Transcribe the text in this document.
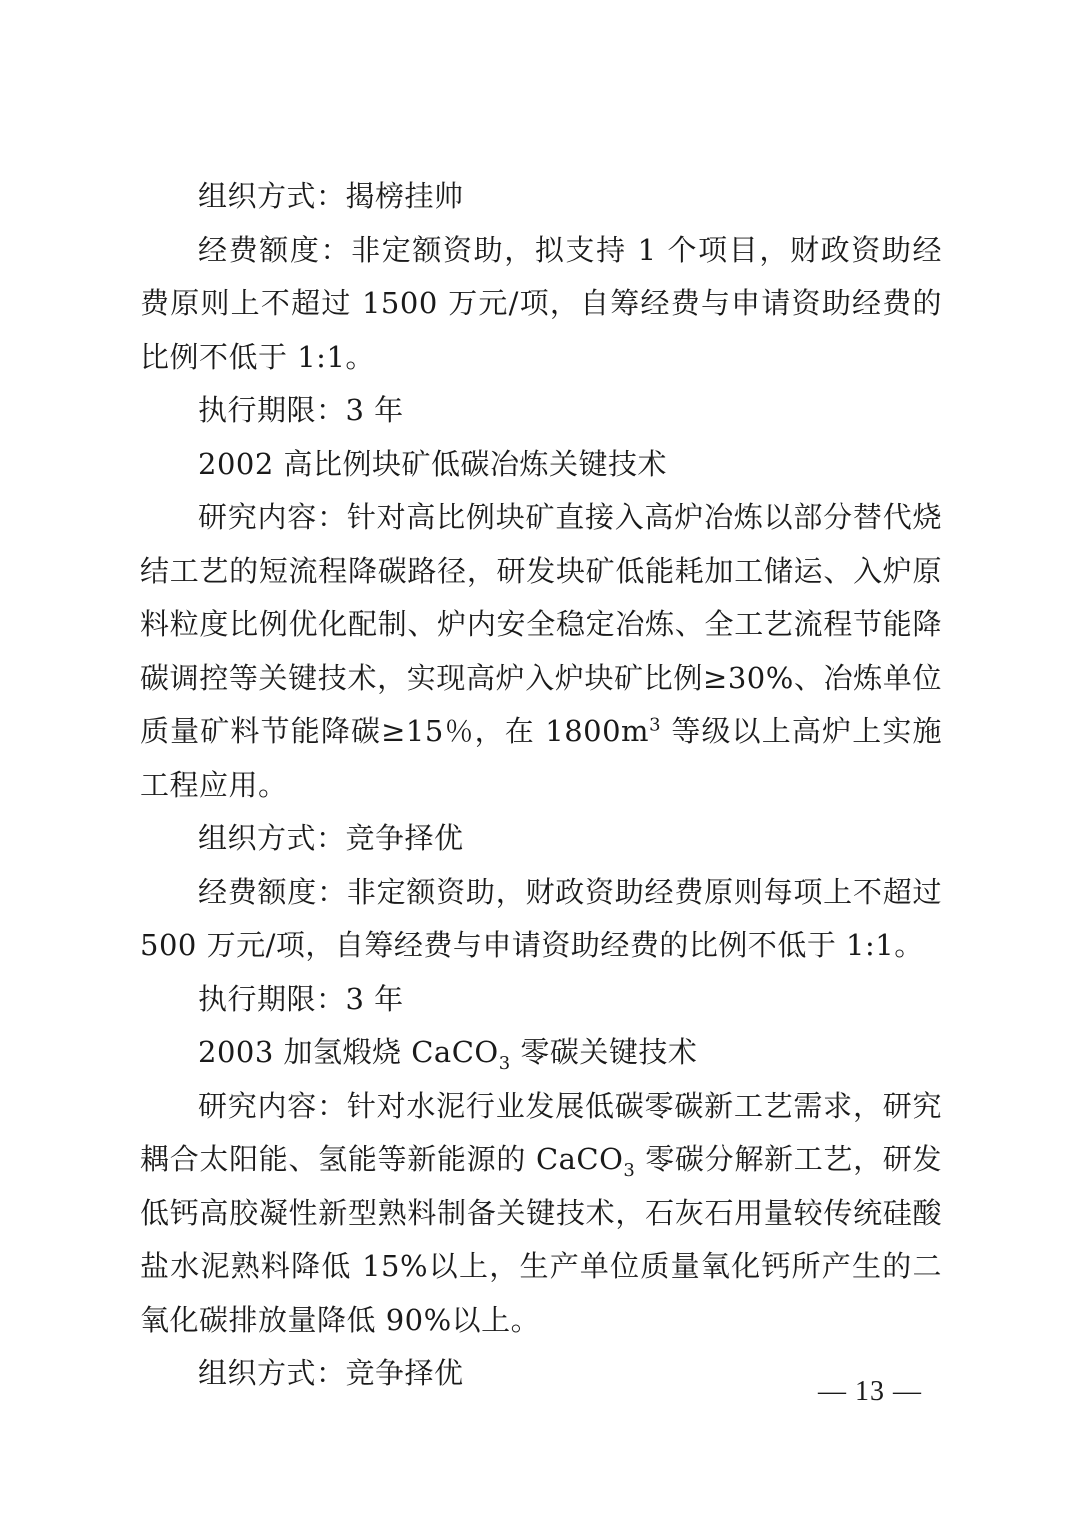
组织方式：揭榜挂帅

经费额度：非定额资助，拟支持 1 个项目，财政资助经费原则上不超过 1500 万元/项，自筹经费与申请资助经费的比例不低于 1:1。

执行期限：3 年

2002 高比例块矿低碳冶炼关键技术

研究内容：针对高比例块矿直接入高炉冶炼以部分替代烧结工艺的短流程降碳路径，研发块矿低能耗加工储运、入炉原料粒度比例优化配制、炉内安全稳定冶炼、全工艺流程节能降碳调控等关键技术，实现高炉入炉块矿比例≥30%、冶炼单位质量矿料节能降碳≥15％，在 $1800m^3$ 等级以上高炉上实施工程应用。

组织方式：竞争择优

经费额度：非定额资助，财政资助经费原则每项上不超过 500 万元/项，自筹经费与申请资助经费的比例不低于 1:1。

执行期限：3 年

2003 加氢煅烧 CaCO$_3$ 零碳关键技术

研究内容：针对水泥行业发展低碳零碳新工艺需求，研究耦合太阳能、氢能等新能源的 CaCO$_3$ 零碳分解新工艺，研发低钙高胶凝性新型熟料制备关键技术，石灰石用量较传统硅酸盐水泥熟料降低 15%以上，生产单位质量氧化钙所产生的二氧化碳排放量降低 90%以上。

组织方式：竞争择优

— 13 —
